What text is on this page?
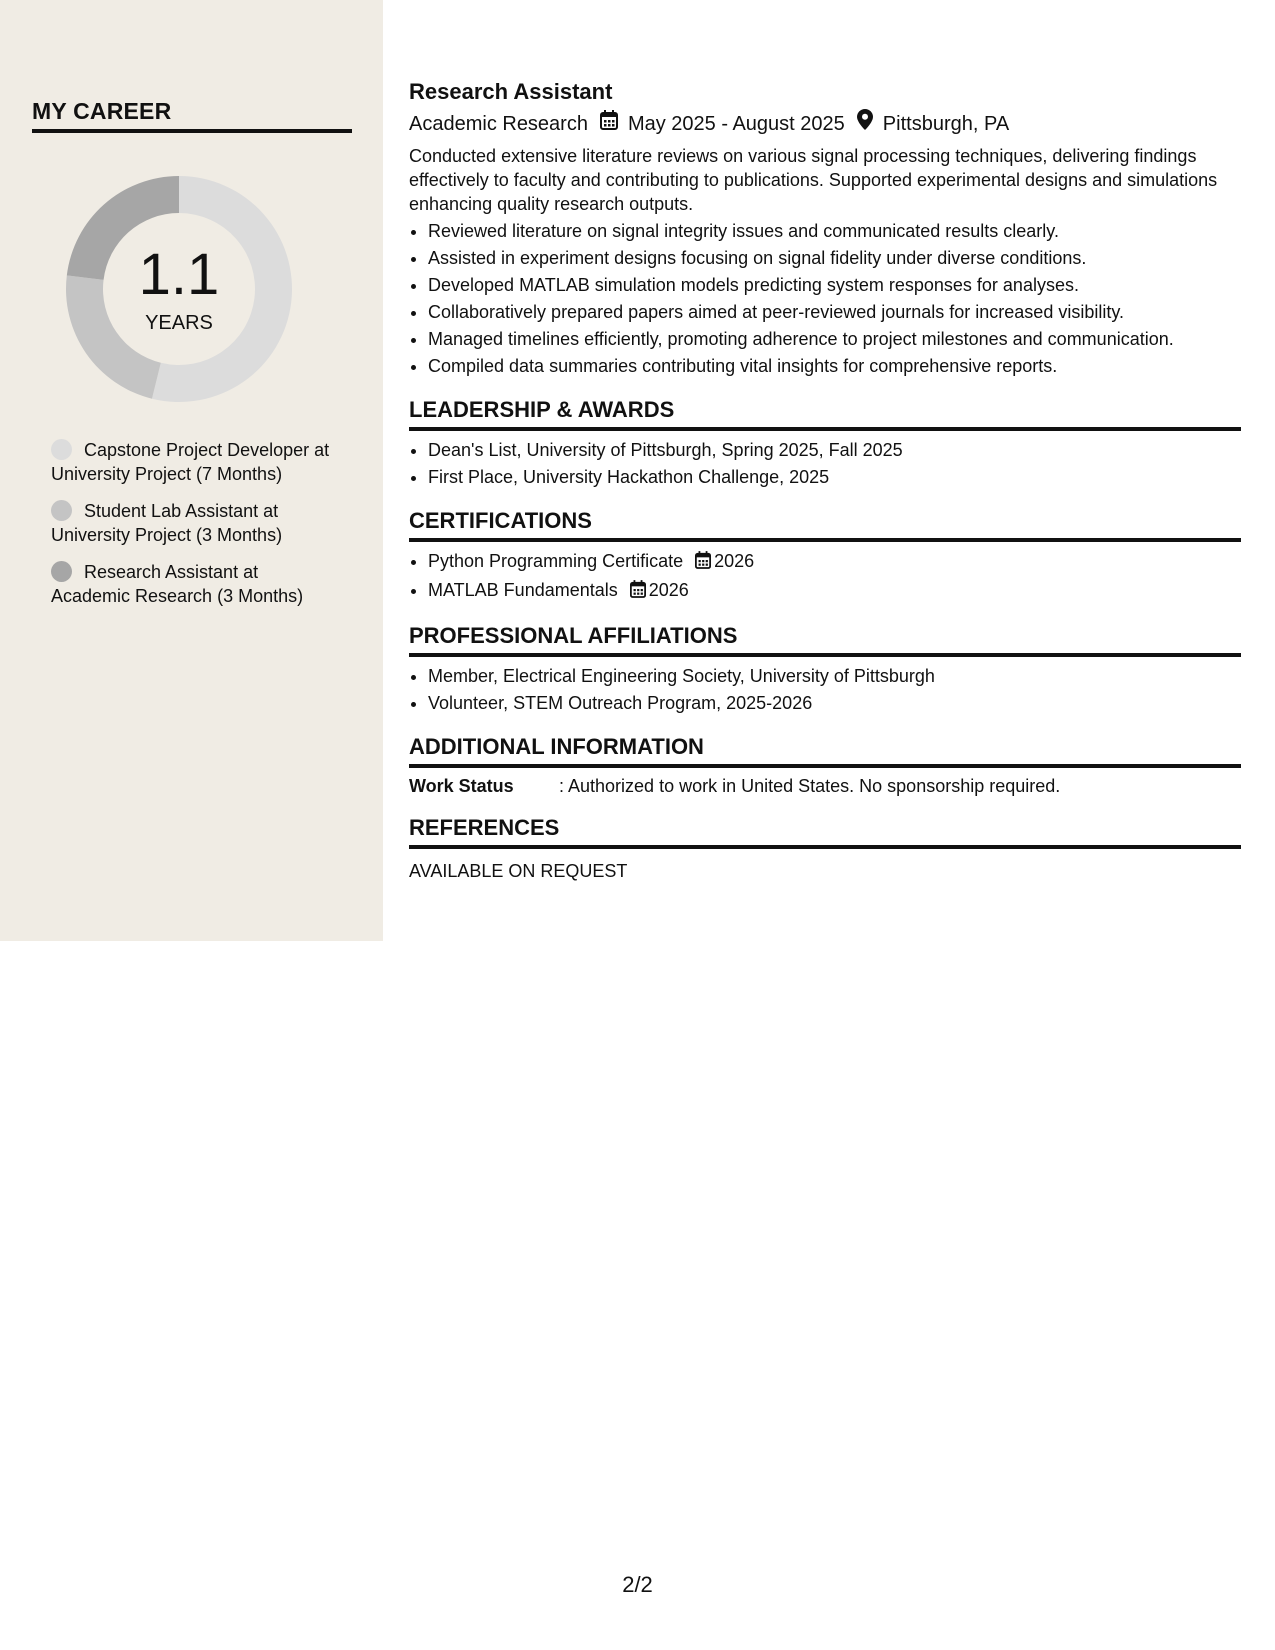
MY CAREER
1.1
YEARS
Capstone Project Developer at University Project (7 Months)
Student Lab Assistant at University Project (3 Months)
Research Assistant at Academic Research (3 Months)
Research Assistant
Academic Research May 2025 - August 2025 Pittsburgh, PA
Conducted extensive literature reviews on various signal processing techniques, delivering findings effectively to faculty and contributing to publications. Supported experimental designs and simulations enhancing quality research outputs.
• Reviewed literature on signal integrity issues and communicated results clearly.
• Assisted in experiment designs focusing on signal fidelity under diverse conditions.
• Developed MATLAB simulation models predicting system responses for analyses.
• Collaboratively prepared papers aimed at peer-reviewed journals for increased visibility.
• Managed timelines efficiently, promoting adherence to project milestones and communication.
• Compiled data summaries contributing vital insights for comprehensive reports.
LEADERSHIP & AWARDS
• Dean's List, University of Pittsburgh, Spring 2025, Fall 2025
• First Place, University Hackathon Challenge, 2025
CERTIFICATIONS
• Python Programming Certificate 2026
• MATLAB Fundamentals 2026
PROFESSIONAL AFFILIATIONS
• Member, Electrical Engineering Society, University of Pittsburgh
• Volunteer, STEM Outreach Program, 2025-2026
ADDITIONAL INFORMATION
Work Status	: Authorized to work in United States. No sponsorship required.
REFERENCES
AVAILABLE ON REQUEST
2/2
